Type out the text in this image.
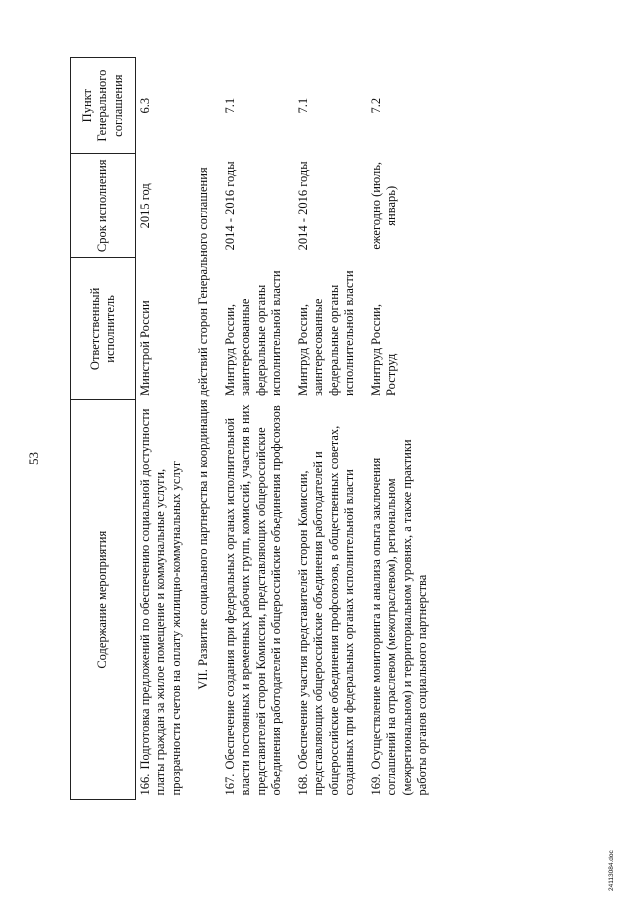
53
Содержание мероприятия	Ответственный исполнитель	Срок исполнения	Пункт Генерального соглашения
166.Подготовка предложений по обеспечению социальной доступности платы граждан за жилое помещение и коммунальные услуги, прозрачности счетов на оплату жилищно-коммунальных услуг	Минстрой России	2015 год	6.3
VII. Развитие социального партнерства и координация действий сторон Генерального соглашения			
167.Обеспечение создания при федеральных органах исполнительной власти постоянных и временных рабочих групп, комиссий, участия в них представителей сторон Комиссии, представляющих общероссийские объединения работодателей и общероссийские объединения профсоюзов	Минтруд России, заинтересованные федеральные органы исполнительной власти	2014 - 2016 годы	7.1
168.Обеспечение участия представителей сторон Комиссии, представляющих общероссийские объединения работодателей и общероссийские объединения профсоюзов, в общественных советах, созданных при федеральных органах исполнительной власти	Минтруд России, заинтересованные федеральные органы исполнительной власти	2014 - 2016 годы	7.1
169.Осуществление мониторинга и анализа опыта заключения соглашений на отраслевом (межотраслевом), региональном (межрегиональном) и территориальном уровнях, а также практики работы органов социального партнерства	Минтруд России, Роструд	ежегодно (июль, январь)	7.2
24113084.doc
